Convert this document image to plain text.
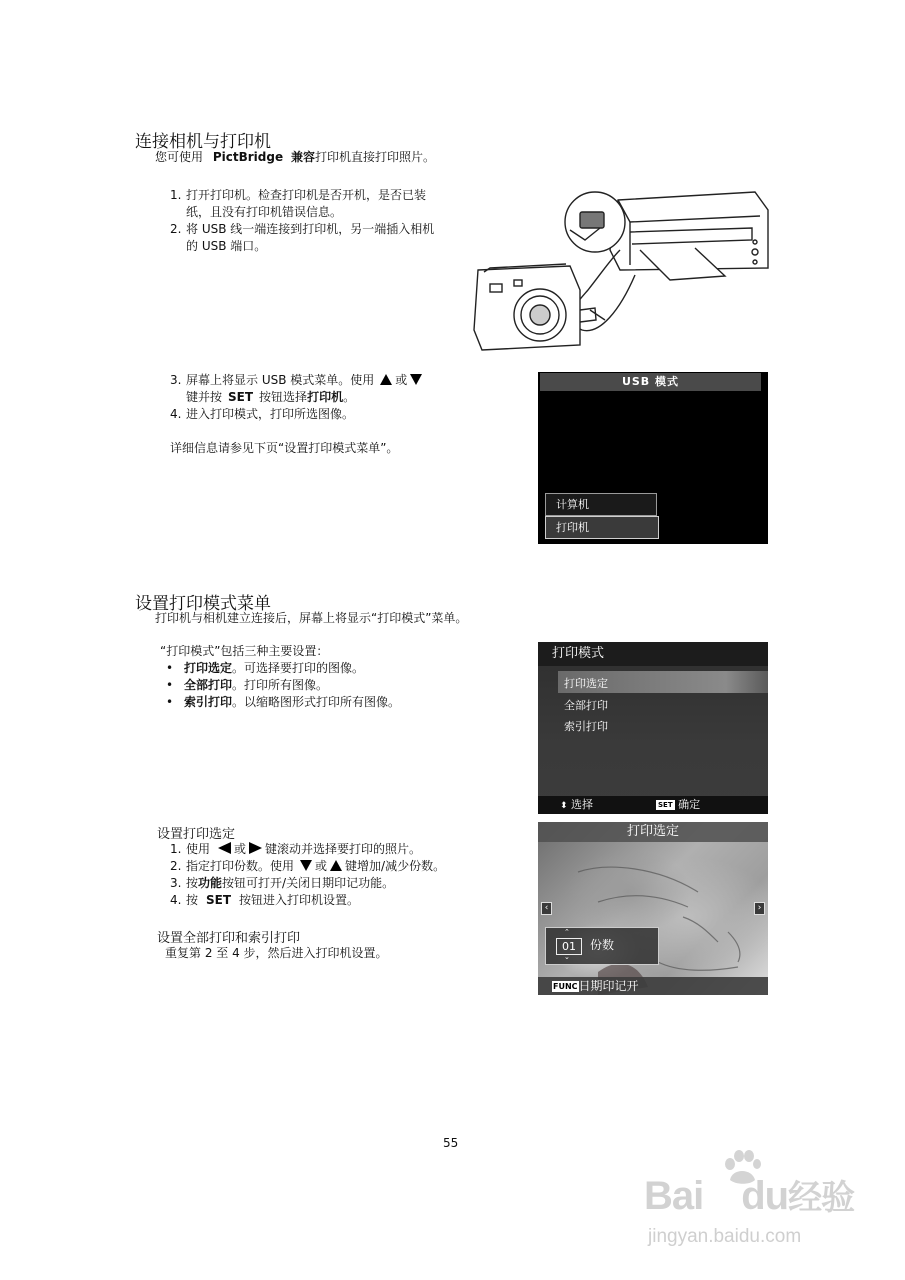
连接相机与打印机
您可使用 PictBridge 兼容打印机直接打印照片。
1. 打开打印机。检查打印机是否开机，是否已装
纸，且没有打印机错误信息。
2. 将 USB 线一端连接到打印机，另一端插入相机
的 USB 端口。
3. 屏幕上将显示 USB 模式菜单。使用 或
键并按 SET 按钮选择打印机。
4. 进入打印模式，打印所选图像。
详细信息请参见下页“设置打印模式菜单”。
USB 模式
计算机
打印机
设置打印模式菜单
打印机与相机建立连接后，屏幕上将显示“打印模式”菜单。
“打印模式”包括三种主要设置：
• 打印选定。可选择要打印的图像。
• 全部打印。打印所有图像。
• 索引打印。以缩略图形式打印所有图像。
打印模式
打印选定
全部打印
索引打印
⬍ 选择	SET 确定
设置打印选定
1. 使用 或 键滚动并选择要打印的照片。
2. 指定打印份数。使用 或 键增加/减少份数。
3. 按功能按钮可打开/关闭日期印记功能。
4. 按 SET 按钮进入打印机设置。
设置全部打印和索引打印
重复第 2 至 4 步，然后进入打印机设置。
打印选定
‹	›
01
⌃
⌄
份数
FUNC日期印记开
55
Bai du经验
jingyan.baidu.com
